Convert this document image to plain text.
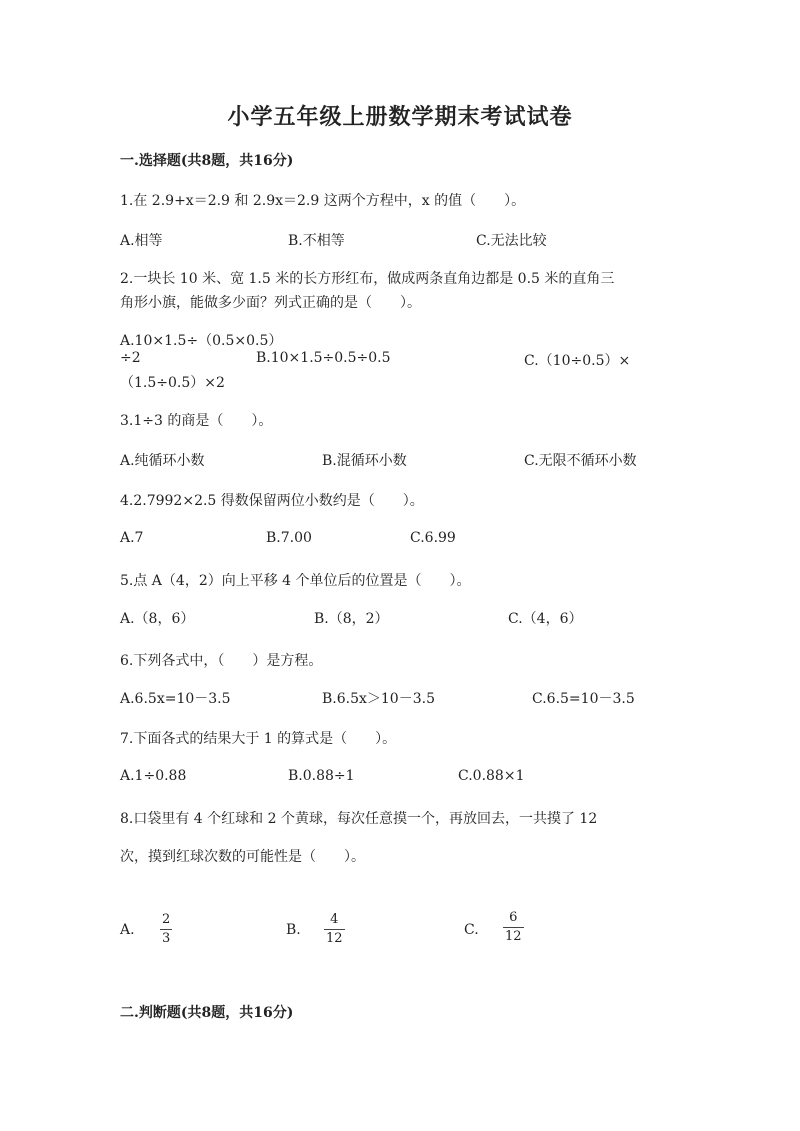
小学五年级上册数学期末考试试卷
一.选择题(共8题，共16分)
1.在 2.9+x＝2.9 和 2.9x＝2.9 这两个方程中，x 的值（　　）。
A.相等	B.不相等	C.无法比较
2.一块长 10 米、宽 1.5 米的长方形红布，做成两条直角边都是 0.5 米的直角三
角形小旗，能做多少面？列式正确的是（　　）。
A.10×1.5÷（0.5×0.5）
÷2	B.10×1.5÷0.5÷0.5	C.（10÷0.5）×
（1.5÷0.5）×2
3.1÷3 的商是（　　）。
A.纯循环小数	B.混循环小数	C.无限不循环小数
4.2.7992×2.5 得数保留两位小数约是（　　）。
A.7	B.7.00	C.6.99
5.点 A（4，2）向上平移 4 个单位后的位置是（　　）。
A.（8，6）	B.（8，2）	C.（4，6）
6.下列各式中，（　　）是方程。
A.6.5x=10－3.5	B.6.5x＞10－3.5	C.6.5=10－3.5
7.下面各式的结果大于 1 的算式是（　　）。
A.1÷0.88	B.0.88÷1	C.0.88×1
8.口袋里有 4 个红球和 2 个黄球，每次任意摸一个，再放回去，一共摸了 12
次，摸到红球次数的可能性是（　　）。
A.
2
3
B.
4
12
C.
6
12
二.判断题(共8题，共16分)
